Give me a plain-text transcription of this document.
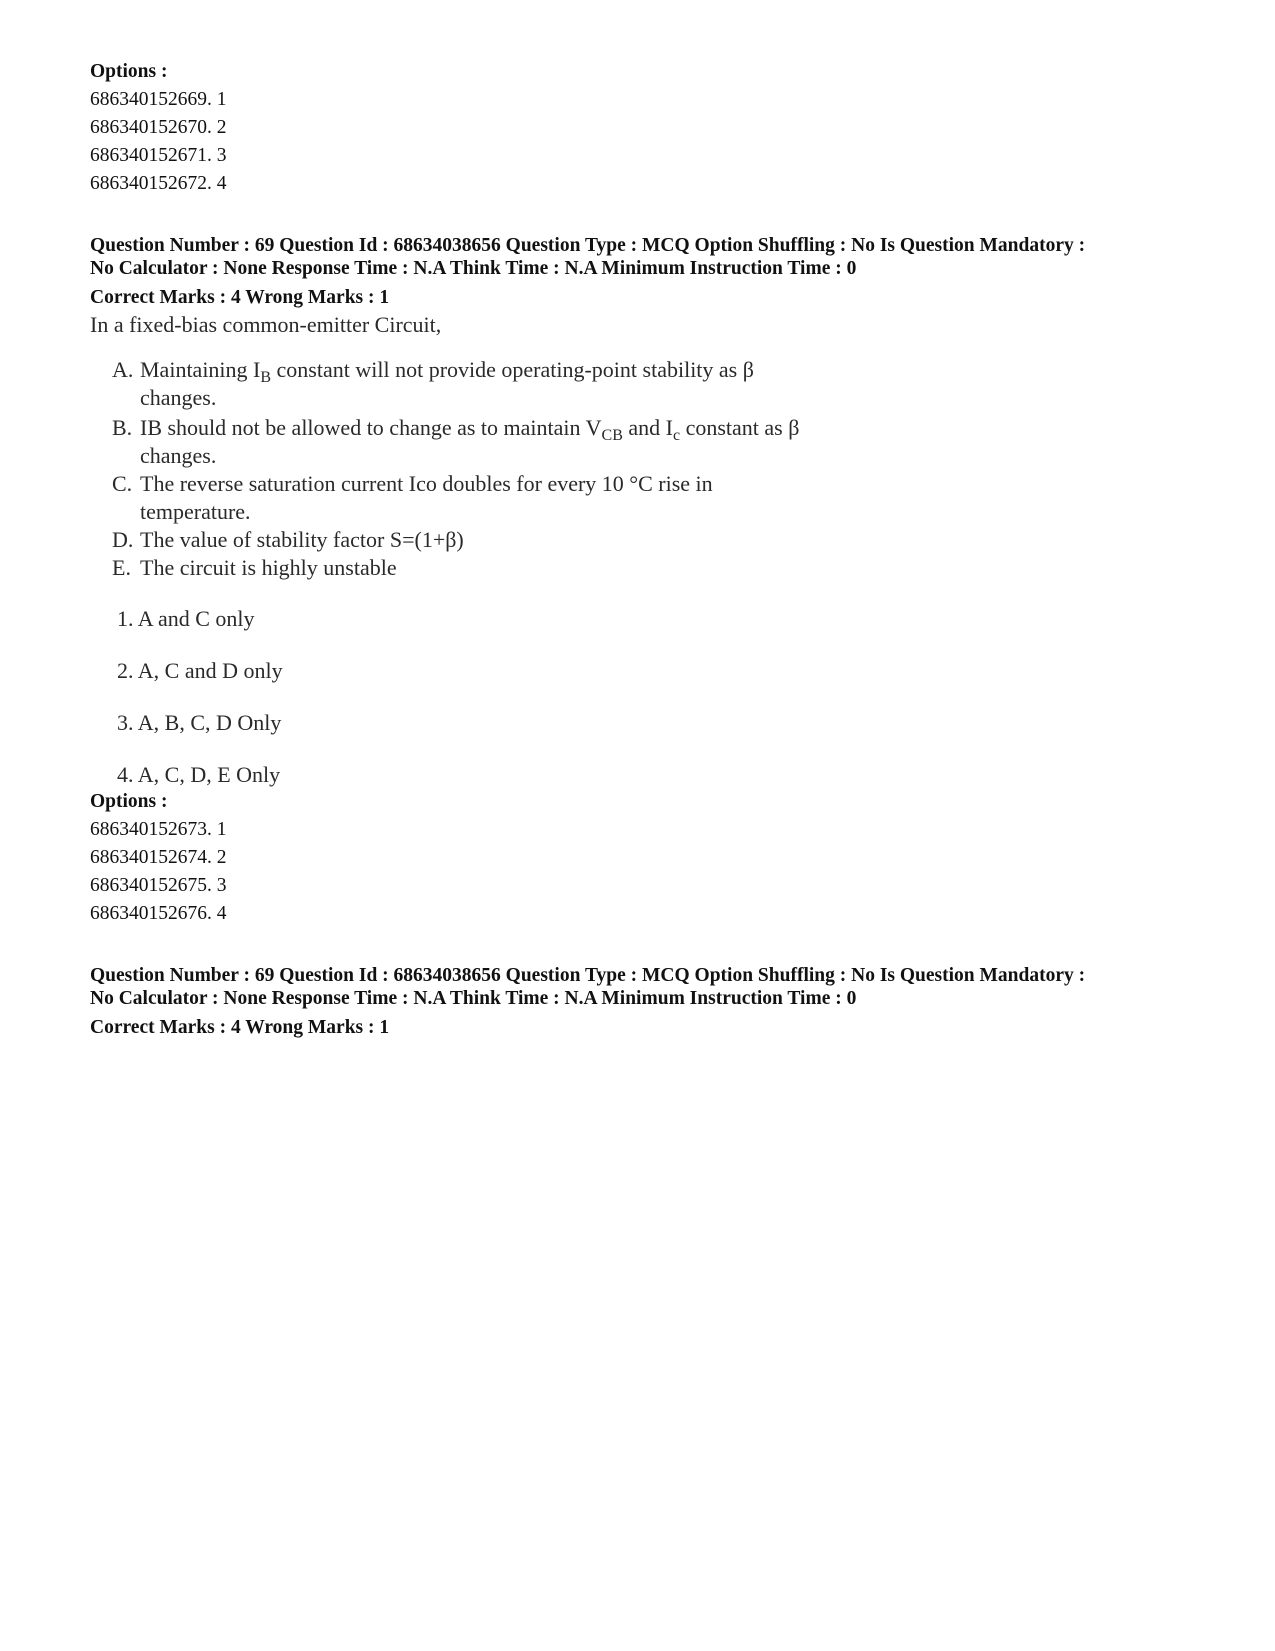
Options :
686340152669. 1
686340152670. 2
686340152671. 3
686340152672. 4
Question Number : 69 Question Id : 68634038656 Question Type : MCQ Option Shuffling : No Is Question Mandatory :
No Calculator : None Response Time : N.A Think Time : N.A Minimum Instruction Time : 0
Correct Marks : 4 Wrong Marks : 1
In a fixed-bias common-emitter Circuit,
A. Maintaining $I_B$ constant will not provide operating-point stability as β
changes.
B. IB should not be allowed to change as to maintain $V_{CB}$ and $I_c$ constant as β
changes.
C. The reverse saturation current Ico doubles for every 10 °C rise in
temperature.
D. The value of stability factor S=(1+β)
E. The circuit is highly unstable
1. A and C only
2. A, C and D only
3. A, B, C, D Only
4. A, C, D, E Only
Options :
686340152673. 1
686340152674. 2
686340152675. 3
686340152676. 4
Question Number : 69 Question Id : 68634038656 Question Type : MCQ Option Shuffling : No Is Question Mandatory :
No Calculator : None Response Time : N.A Think Time : N.A Minimum Instruction Time : 0
Correct Marks : 4 Wrong Marks : 1
